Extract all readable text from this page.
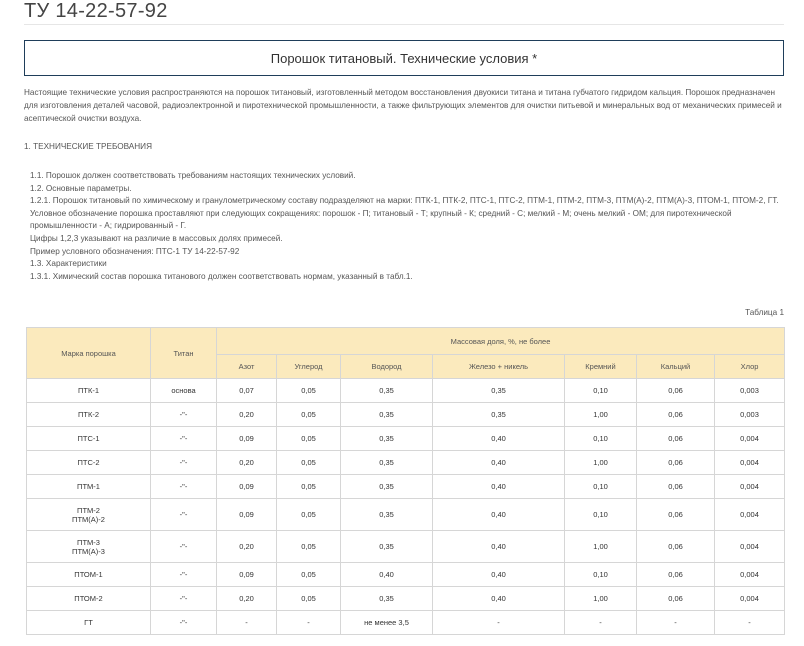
ТУ 14-22-57-92
Порошок титановый. Технические условия *
Настоящие технические условия распространяются на порошок титановый, изготовленный методом восстановления двуокиси титана и титана губчатого гидридом кальция. Порошок предназначен для изготовления деталей часовой, радиоэлектронной и пиротехнической промышленности, а также фильтрующих элементов для очистки питьевой и минеральных вод от механических примесей и асептической очистки воздуха.
1. ТЕХНИЧЕСКИЕ ТРЕБОВАНИЯ
1.1. Порошок должен соответствовать требованиям настоящих технических условий.
1.2. Основные параметры.
1.2.1. Порошок титановый по химическому и гранулометрическому составу подразделяют на марки: ПТК-1, ПТК-2, ПТС-1, ПТС-2, ПТМ-1, ПТМ-2, ПТМ-3, ПТМ(А)-2, ПТМ(А)-3, ПТОМ-1, ПТОМ-2, ГТ.
Условное обозначение порошка проставляют при следующих сокращениях: порошок - П; титановый - Т; крупный - К; средний - С; мелкий - М; очень мелкий - ОМ; для пиротехнической промышленности - А; гидрированный - Г.
Цифры 1,2,3 указывают на различие в массовых долях примесей.
Пример условного обозначения: ПТС-1 ТУ 14-22-57-92
1.3. Характеристики
1.3.1. Химический состав порошка титанового должен соответствовать нормам, указанный в табл.1.
Таблица 1
Марка порошка	Титан	Массовая доля, %, не более						
		Азот	Углерод	Водород	Железо + никель	Кремний	Кальций	Хлор

ПТК-1	основа	0,07	0,05	0,35	0,35	0,10	0,06	0,003

ПТК-2	-"-	0,20	0,05	0,35	0,35	1,00	0,06	0,003

ПТС-1	-"-	0,09	0,05	0,35	0,40	0,10	0,06	0,004

ПТС-2	-"-	0,20	0,05	0,35	0,40	1,00	0,06	0,004

ПТМ-1	-"-	0,09	0,05	0,35	0,40	0,10	0,06	0,004

ПТМ-2
ПТМ(А)-2	-"-	0,09	0,05	0,35	0,40	0,10	0,06	0,004

ПТМ-3
ПТМ(А)-3	-"-	0,20	0,05	0,35	0,40	1,00	0,06	0,004

ПТОМ-1	-"-	0,09	0,05	0,40	0,40	0,10	0,06	0,004

ПТОМ-2	-"-	0,20	0,05	0,35	0,40	1,00	0,06	0,004

ГТ	-"-	-	-	не менее 3,5	-	-	-	-
